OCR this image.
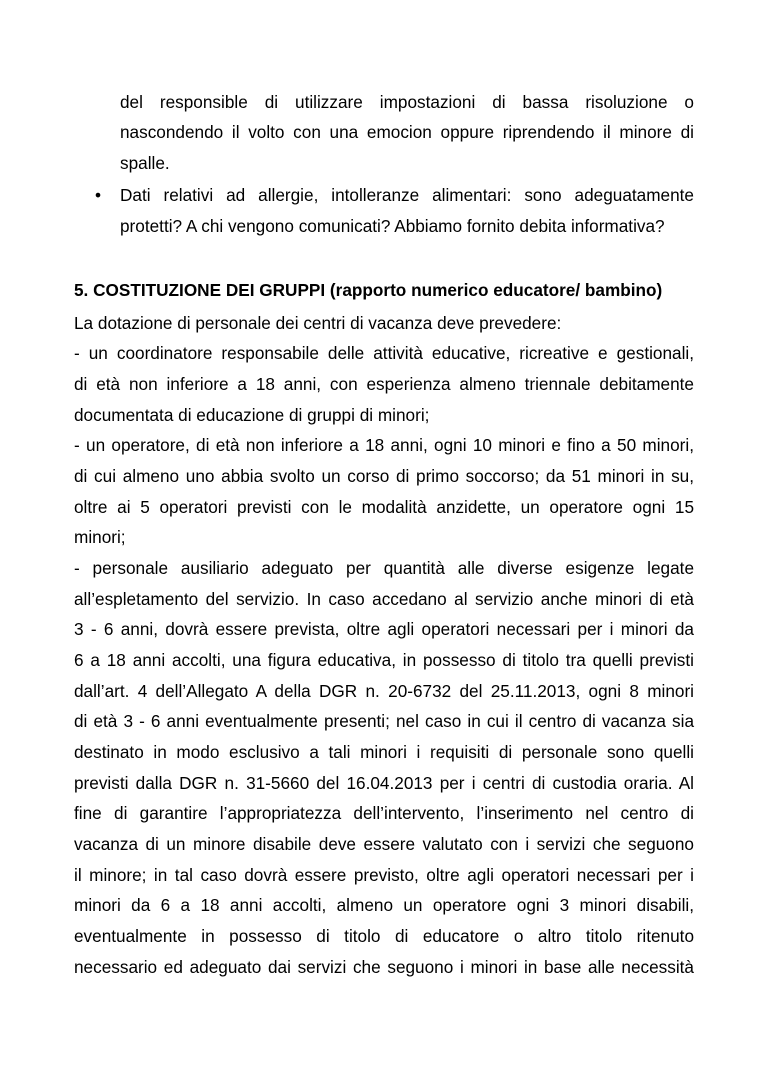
del responsible di utilizzare impostazioni di bassa risoluzione o
nascondendo il volto con una emocion oppure riprendendo il minore di
spalle.
• Dati relativi ad allergie, intolleranze alimentari: sono adeguatamente
protetti? A chi vengono comunicati? Abbiamo fornito debita informativa?
5. COSTITUZIONE DEI GRUPPI (rapporto numerico educatore/ bambino)
La dotazione di personale dei centri di vacanza deve prevedere:
- un coordinatore responsabile delle attività educative, ricreative e gestionali,
di età non inferiore a 18 anni, con esperienza almeno triennale debitamente
documentata di educazione di gruppi di minori;
- un operatore, di età non inferiore a 18 anni, ogni 10 minori e fino a 50 minori,
di cui almeno uno abbia svolto un corso di primo soccorso; da 51 minori in su,
oltre ai 5 operatori previsti con le modalità anzidette, un operatore ogni 15
minori;
- personale ausiliario adeguato per quantità alle diverse esigenze legate
all’espletamento del servizio. In caso accedano al servizio anche minori di età
3 - 6 anni, dovrà essere prevista, oltre agli operatori necessari per i minori da
6 a 18 anni accolti, una figura educativa, in possesso di titolo tra quelli previsti
dall’art. 4 dell’Allegato A della DGR n. 20-6732 del 25.11.2013, ogni 8 minori
di età 3 - 6 anni eventualmente presenti; nel caso in cui il centro di vacanza sia
destinato in modo esclusivo a tali minori i requisiti di personale sono quelli
previsti dalla DGR n. 31-5660 del 16.04.2013 per i centri di custodia oraria. Al
fine di garantire l’appropriatezza dell’intervento, l’inserimento nel centro di
vacanza di un minore disabile deve essere valutato con i servizi che seguono
il minore; in tal caso dovrà essere previsto, oltre agli operatori necessari per i
minori da 6 a 18 anni accolti, almeno un operatore ogni 3 minori disabili,
eventualmente in possesso di titolo di educatore o altro titolo ritenuto
necessario ed adeguato dai servizi che seguono i minori in base alle necessità
